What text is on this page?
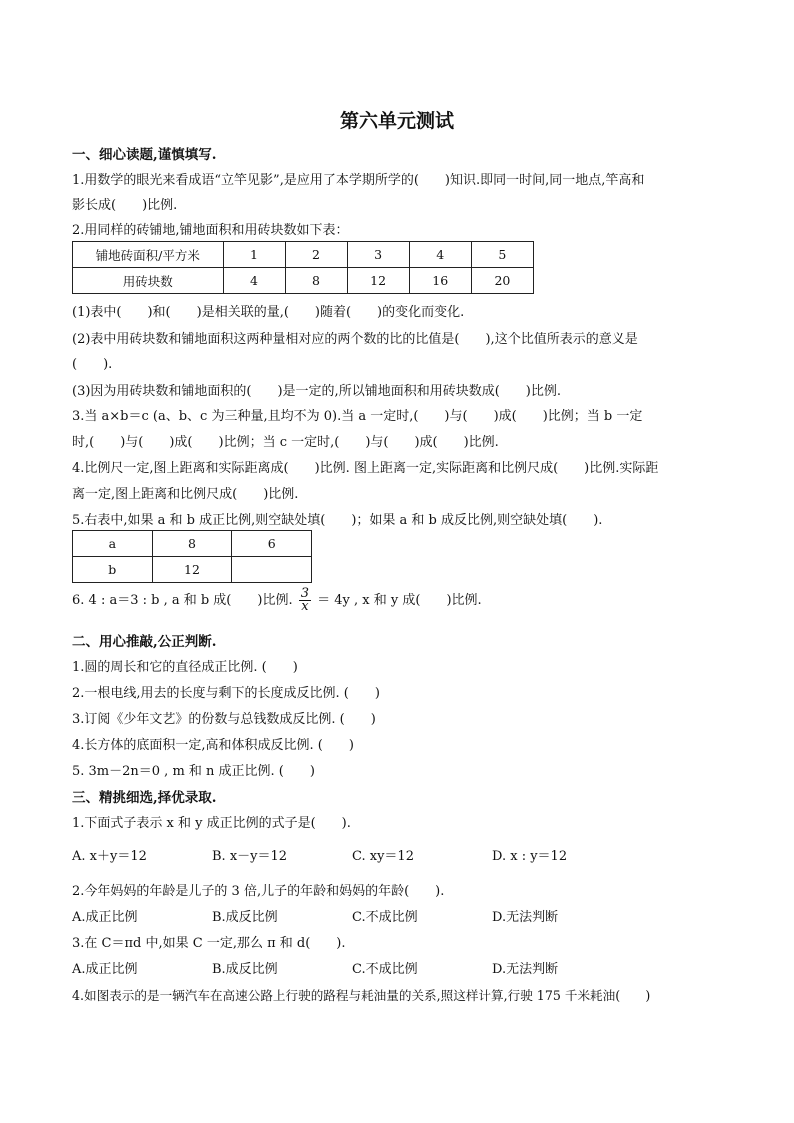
第六单元测试
一、细心读题,谨慎填写.
1.用数学的眼光来看成语“立竿见影”,是应用了本学期所学的(　　)知识.即同一时间,同一地点,竿高和
影长成(　　)比例.
2.用同样的砖铺地,铺地面积和用砖块数如下表：
铺地砖面积/平方米	1	2	3	4	5
用砖块数	4	8	12	16	20
(1)表中(　　)和(　　)是相关联的量,(　　)随着(　　)的变化而变化.
(2)表中用砖块数和铺地面积这两种量相对应的两个数的比的比值是(　　),这个比值所表示的意义是
(　　).
(3)因为用砖块数和铺地面积的(　　)是一定的,所以铺地面积和用砖块数成(　　)比例.
3.当 a×b＝c (a、b、c 为三种量,且均不为 0).当 a 一定时,(　　)与(　　)成(　　)比例；当 b 一定
时,(　　)与(　　)成(　　)比例；当 c 一定时,(　　)与(　　)成(　　)比例.
4.比例尺一定,图上距离和实际距离成(　　)比例. 图上距离一定,实际距离和比例尺成(　　)比例.实际距
离一定,图上距离和比例尺成(　　)比例.
5.右表中,如果 a 和 b 成正比例,则空缺处填(　　)；如果 a 和 b 成反比例,则空缺处填(　　).
a	8	6
b	12	
6. 4 : a＝3 : b , a 和 b 成(　　)比例. $\frac{3}{x} = 4y$ , x 和 y 成(　　)比例.
二、用心推敲,公正判断.
1.圆的周长和它的直径成正比例. (　　)
2.一根电线,用去的长度与剩下的长度成反比例. (　　)
3.订阅《少年文艺》的份数与总钱数成反比例. (　　)
4.长方体的底面积一定,高和体积成反比例. (　　)
5. 3m－2n＝0 , m 和 n 成正比例. (　　)
三、精挑细选,择优录取.
1.下面式子表示 x 和 y 成正比例的式子是(　　).
A. x＋y＝12	B. x－y＝12	C. xy＝12	D. x : y＝12
2.今年妈妈的年龄是儿子的 3 倍,儿子的年龄和妈妈的年龄(　　).
A.成正比例	B.成反比例	C.不成比例	D.无法判断
3.在 C＝πd 中,如果 C 一定,那么 π 和 d(　　).
A.成正比例	B.成反比例	C.不成比例	D.无法判断
4.如图表示的是一辆汽车在高速公路上行驶的路程与耗油量的关系,照这样计算,行驶 175 千米耗油(　　)
